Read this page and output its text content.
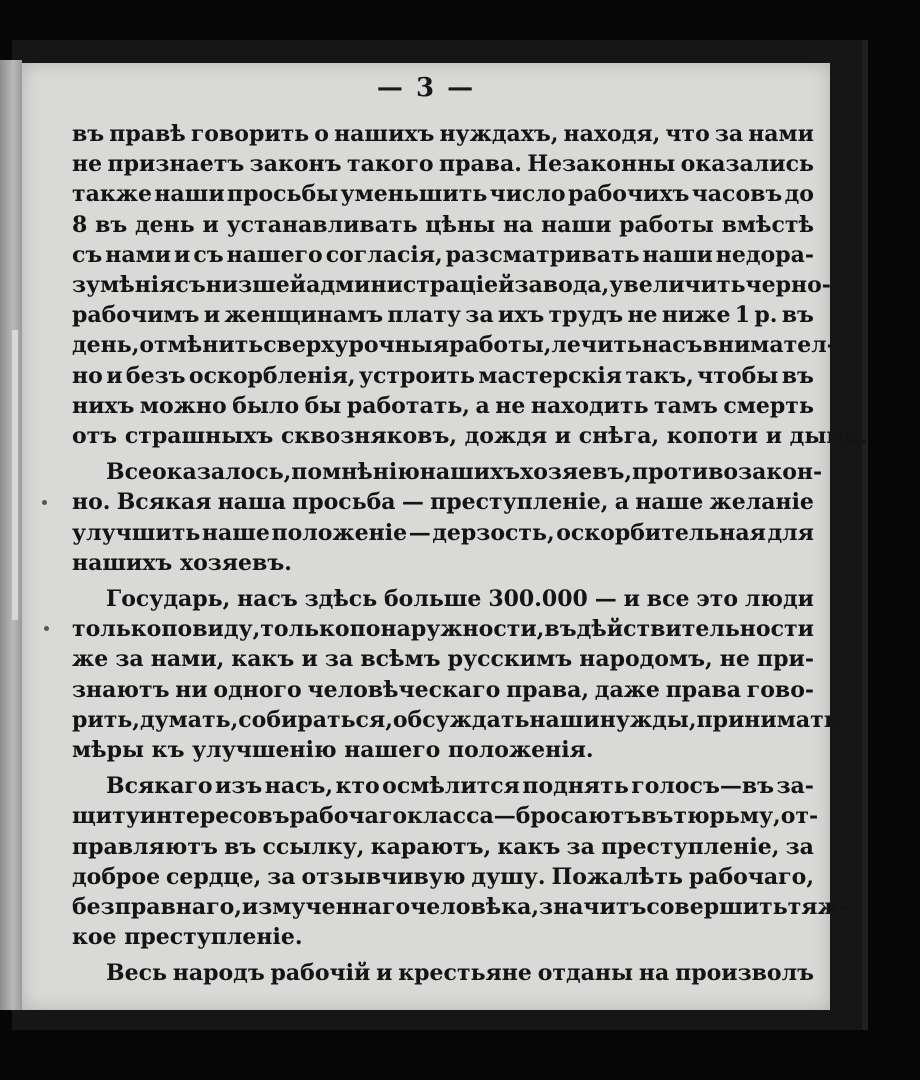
— 3 —
въ правѣ говорить о нашихъ нуждахъ, находя, что за нами
не признаетъ законъ такого права. Незаконны оказались
также наши просьбы уменьшить число рабочихъ часовъ до
8 въ день и устанавливать цѣны на наши работы вмѣстѣ
съ нами и съ нашего согласія, разсматривать наши недора-
зумѣнія съ низшей администраціей завода, увеличить черно-
рабочимъ и женщинамъ плату за ихъ трудъ не ниже 1 р. въ
день, отмѣнить сверхурочныя работы, лечить насъ внимател-
но и безъ оскорбленія, устроить мастерскія такъ, чтобы въ
нихъ можно было бы работать, а не находить тамъ смерть
отъ страшныхъ сквозняковъ, дождя и снѣга, копоти и дыма.
Все оказалось, по мнѣнію нашихъ хозяевъ, противозакон-
но. Всякая наша просьба — преступленіе, а наше желаніе
улучшить наше положеніе — дерзость, оскорбительная для
нашихъ хозяевъ.
Государь, насъ здѣсь больше 300.000 — и все это люди
только по виду, только по наружности, въ дѣйствительности
же за нами, какъ и за всѣмъ русскимъ народомъ, не при-
знаютъ ни одного человѣческаго права, даже права гово-
рить, думать, собираться, обсуждать наши нужды, принимать
мѣры къ улучшенію нашего положенія.
Всякаго изъ насъ, кто осмѣлится поднять голосъ—въ за-
щиту интересовъ рабочаго класса—бросаютъ въ тюрьму, от-
правляютъ въ ссылку, караютъ, какъ за преступленіе, за
доброе сердце, за отзывчивую душу. Пожалѣть рабочаго,
безправнаго, измученнаго человѣка, значитъ совершить тяж-
кое преступленіе.
Весь народъ рабочій и крестьяне отданы на произволъ
